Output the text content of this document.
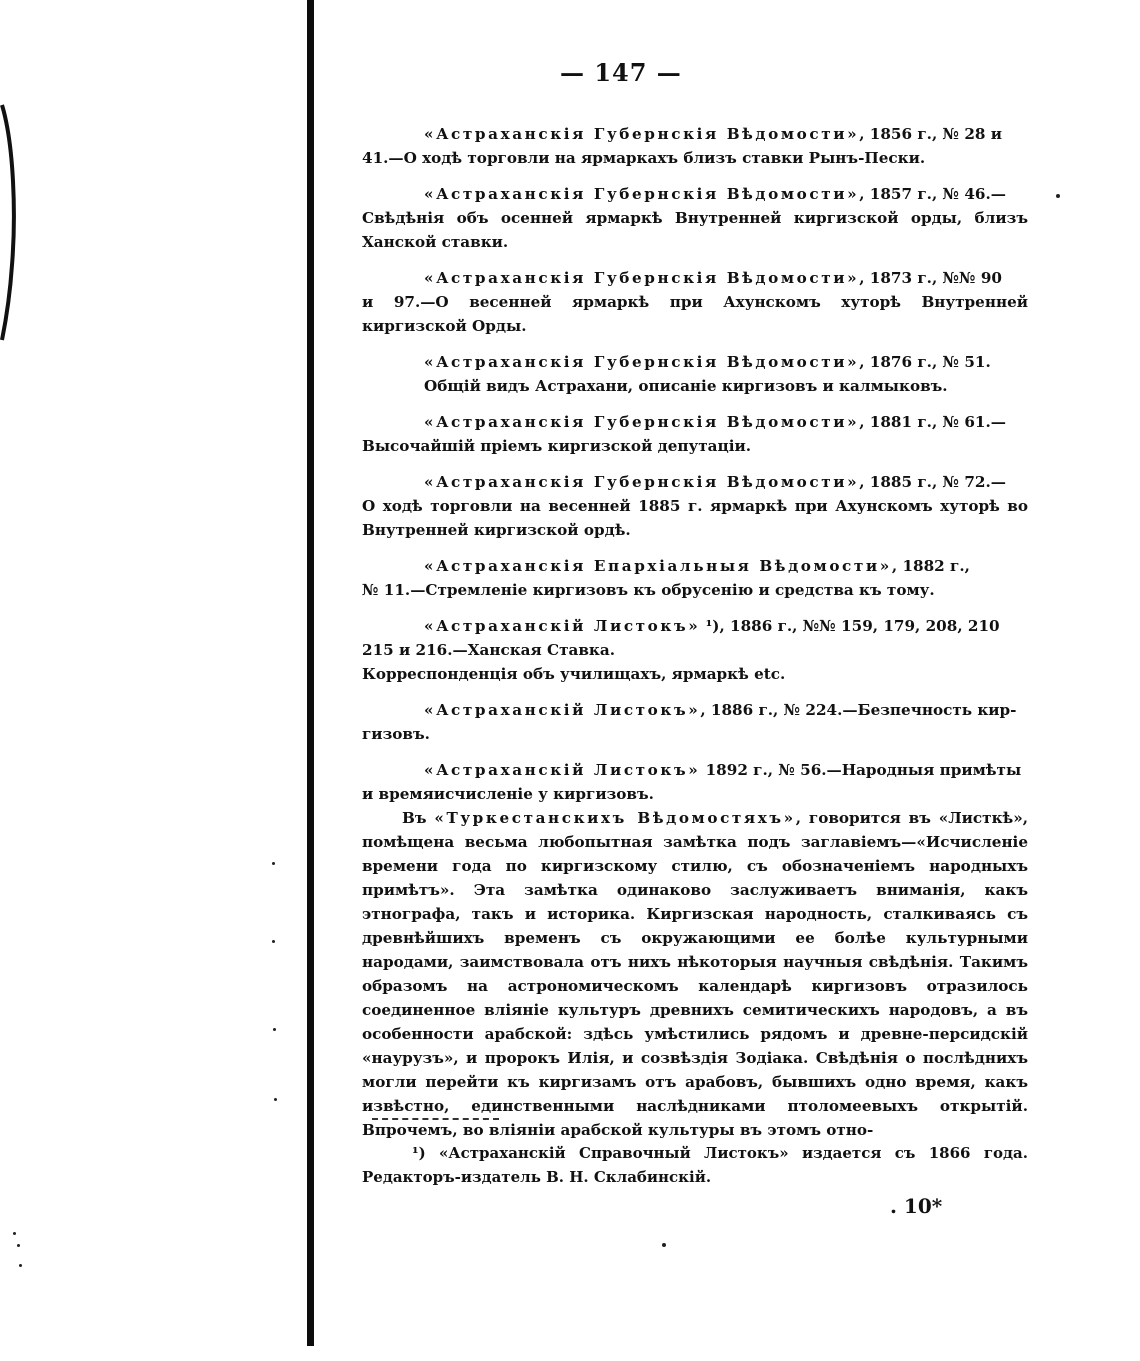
— 147 —
«Астраханскія Губернскія Вѣдомости», 1856 г., № 28 и
41.—О ходѣ торговли на ярмаркахъ близъ ставки Рынъ-Пески.
«Астраханскія Губернскія Вѣдомости», 1857 г., № 46.—
Свѣдѣнія объ осенней ярмаркѣ Внутренней киргизской орды, близъ Ханской ставки.
«Астраханскія Губернскія Вѣдомости», 1873 г., №№ 90
и 97.—О весенней ярмаркѣ при Ахунскомъ хуторѣ Внутренней киргизской Орды.
«Астраханскія Губернскія Вѣдомости», 1876 г., № 51.
Общій видъ Астрахани, описаніе киргизовъ и калмыковъ.
«Астраханскія Губернскія Вѣдомости», 1881 г., № 61.—
Высочайшій пріемъ киргизской депутаціи.
«Астраханскія Губернскія Вѣдомости», 1885 г., № 72.—
О ходѣ торговли на весенней 1885 г. ярмаркѣ при Ахунскомъ хуторѣ во Внутренней киргизской ордѣ.
«Астраханскія Епархіальныя Вѣдомости», 1882 г.,
№ 11.—Стремленіе киргизовъ къ обрусенію и средства къ тому.
«Астраханскій Листокъ» ¹), 1886 г., №№ 159, 179, 208, 210
215 и 216.—Ханская Ставка.
Корреспонденція объ училищахъ, ярмаркѣ etc.
«Астраханскій Листокъ», 1886 г., № 224.—Безпечность кир-
гизовъ.
«Астраханскій Листокъ» 1892 г., № 56.—Народныя примѣты
и времяисчисленіе у киргизовъ.
Въ «Туркестанскихъ Вѣдомостяхъ», говорится въ «Листкѣ», помѣщена весьма любопытная замѣтка подъ заглавіемъ—«Исчисленіе времени года по киргизскому стилю, съ обозначеніемъ народныхъ примѣтъ». Эта замѣтка одинаково заслуживаетъ вниманія, какъ этнографа, такъ и историка. Киргизская народность, сталкиваясь съ древнѣйшихъ временъ съ окружающими ее болѣе культурными народами, заимствовала отъ нихъ нѣкоторыя научныя свѣдѣнія. Такимъ образомъ на астрономическомъ календарѣ киргизовъ отразилось соединенное вліяніе культуръ древнихъ семитическихъ народовъ, а въ особенности арабской: здѣсь умѣстились рядомъ и древне-персидскій «наурузъ», и пророкъ Илія, и созвѣздія Зодіака. Свѣдѣнія о послѣднихъ могли перейти къ киргизамъ отъ арабовъ, бывшихъ одно время, какъ извѣстно, единственными наслѣдниками птоломеевыхъ открытій. Впрочемъ, во вліяніи арабской культуры въ этомъ отно-

¹) «Астраханскій Справочный Листокъ» издается съ 1866 года. Редакторъ-издатель В. Н. Склабинскій.

. 10*
